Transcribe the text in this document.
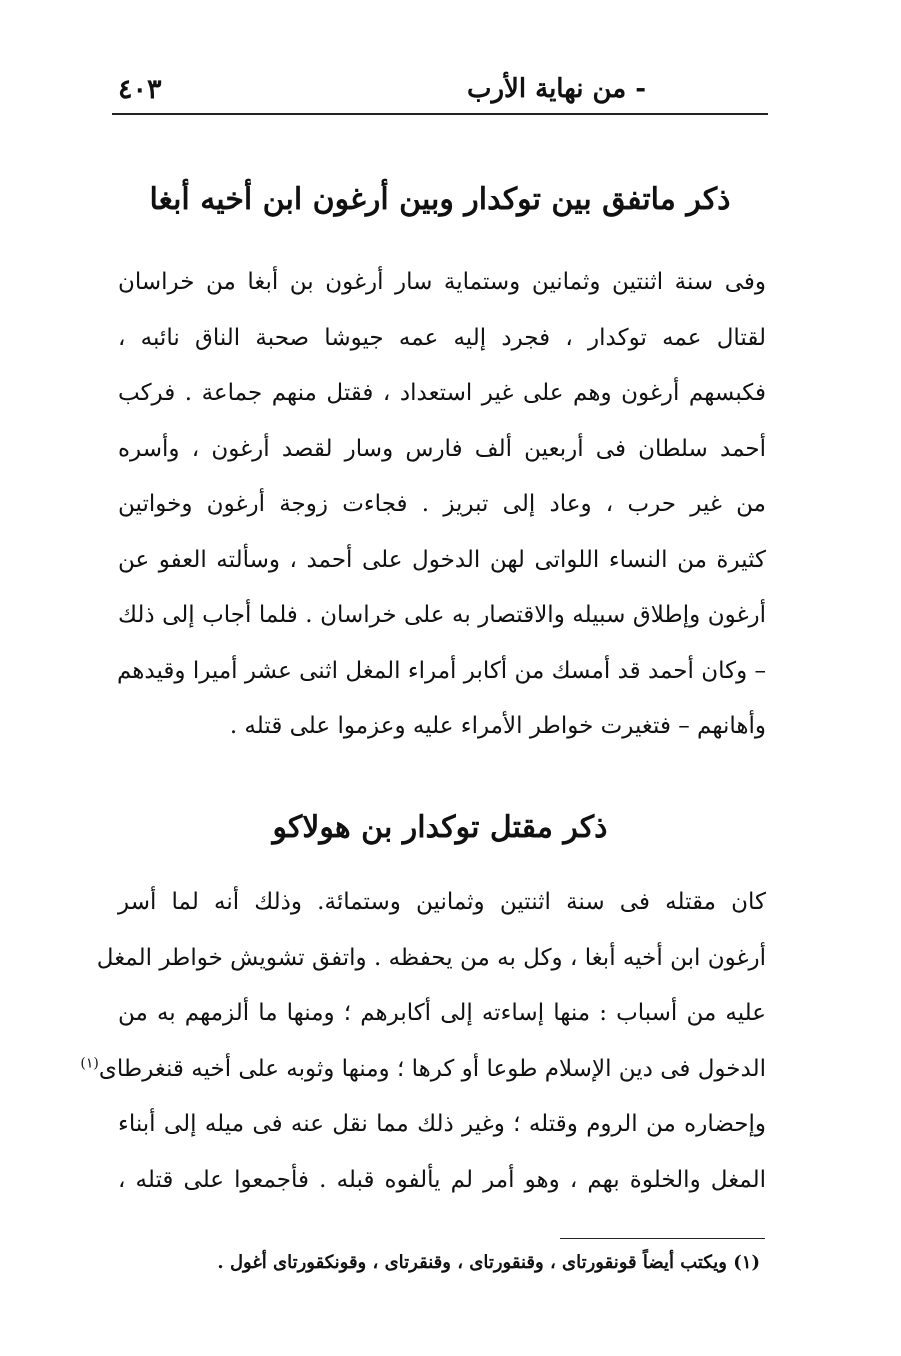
٤٠٣	- من نهاية الأرب
ذكر ماتفق بين توكدار وبين أرغون ابن أخيه أبغا
وفى سنة اثنتين وثمانين وستماية سار أرغون بن أبغا من خراسان
لقتال عمه توكدار ، فجرد إليه عمه جيوشا صحبة الناق نائبه ،
فكبسهم أرغون وهم على غير استعداد ، فقتل منهم جماعة . فركب
أحمد سلطان فى أربعين ألف فارس وسار لقصد أرغون ، وأسره
من غير حرب ، وعاد إلى تبريز . فجاءت زوجة أرغون وخواتين
كثيرة من النساء اللواتى لهن الدخول على أحمد ، وسألته العفو عن
أرغون وإطلاق سبيله والاقتصار به على خراسان . فلما أجاب إلى ذلك
– وكان أحمد قد أمسك من أكابر أمراء المغل اثنى عشر أميرا وقيدهم
وأهانهم – فتغيرت خواطر الأمراء عليه وعزموا على قتله .
ذكر مقتل توكدار بن هولاكو
كان مقتله فى سنة اثنتين وثمانين وستمائة. وذلك أنه لما أسر
أرغون ابن أخيه أبغا ، وكل به من يحفظه . واتفق تشويش خواطر المغل
عليه من أسباب : منها إساءته إلى أكابرهم ؛ ومنها ما ألزمهم به من
الدخول فى دين الإسلام طوعا أو كرها ؛ ومنها وثوبه على أخيه قنغرطاى$^{(١)}$
وإحضاره من الروم وقتله ؛ وغير ذلك مما نقل عنه فى ميله إلى أبناء
المغل والخلوة بهم ، وهو أمر لم يألفوه قبله . فأجمعوا على قتله ،
(١) ويكتب أيضاً قونقورتاى ، وقنقورتاى ، وقنقرتاى ، وقونكقورتاى أغول .
